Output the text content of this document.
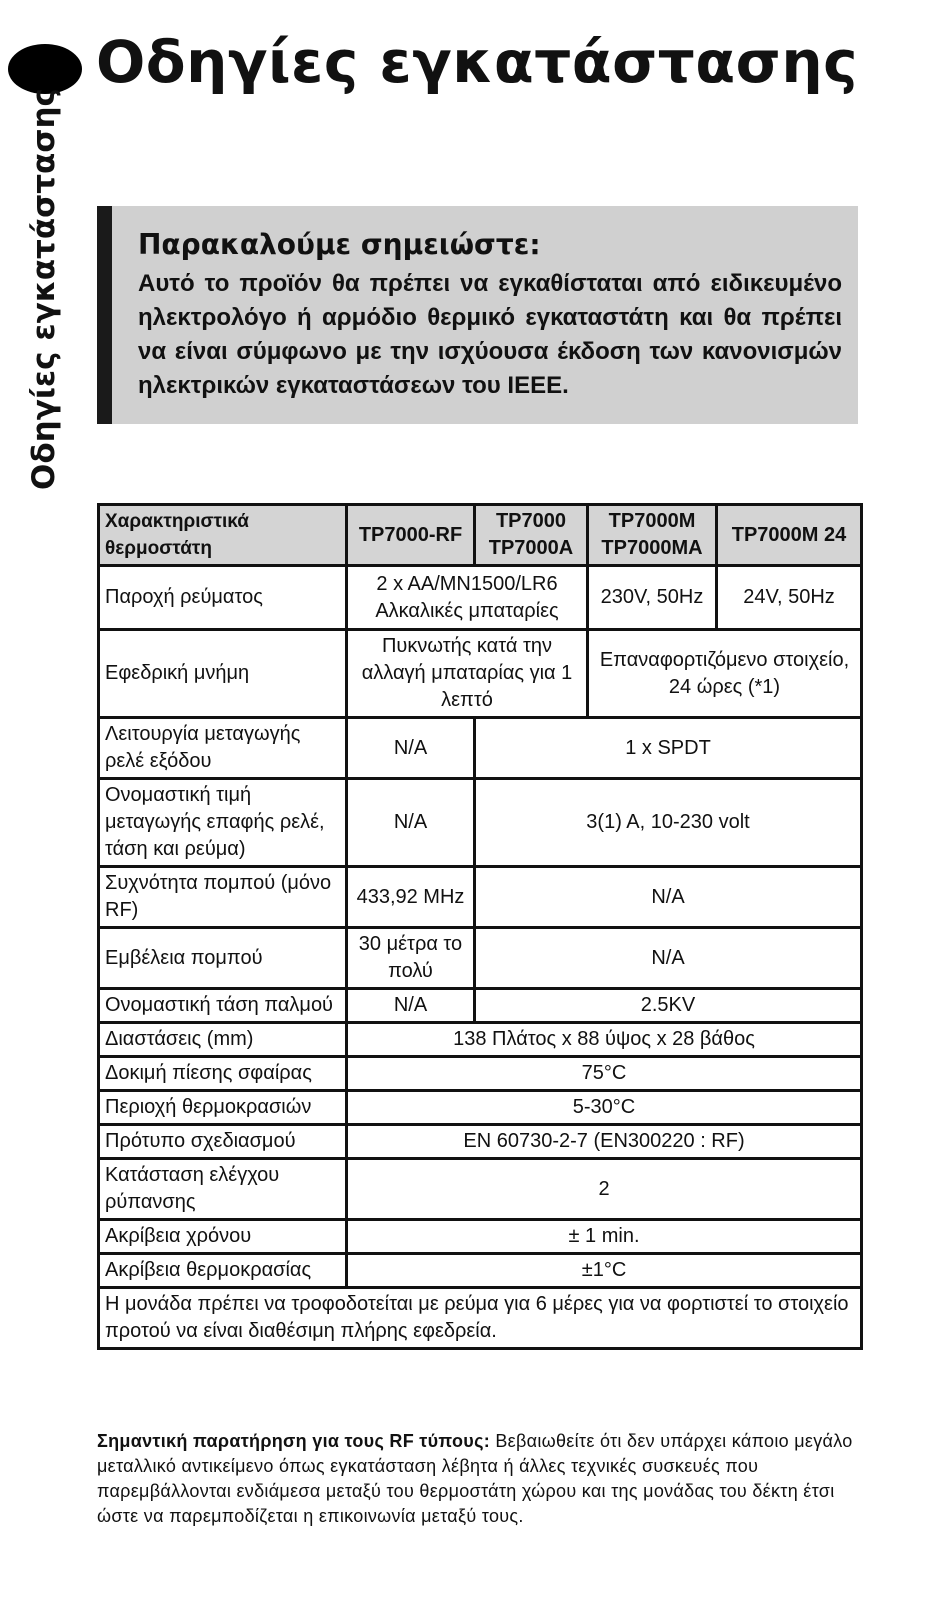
Οδηγίες εγκατάστασης
Οδηγίες εγκατάστασης	Παρακαλούμε σημειώστε:

Αυτό το προϊόν θα πρέπει να εγκαθίσταται από ειδικευμένο ηλεκτρολόγο ή αρμόδιο θερμικό εγκαταστάτη και θα πρέπει να είναι σύμφωνο με την ισχύουσα έκδοση των κανονισμών ηλεκτρικών εγκαταστάσεων του IEEE.

Χαρακτηριστικά θερμοστάτη	TP7000-RF	TP7000 TP7000A	TP7000M TP7000MA	TP7000M 24
Παροχή ρεύματος	2 x AA/MN1500/LR6 Αλκαλικές μπαταρίες		230V, 50Hz	24V, 50Hz
Εφεδρική μνήμη	Πυκνωτής κατά την αλλαγή μπαταρίας για 1 λεπτό		Επαναφορτιζόμενο στοιχείο, 24 ώρες (*1)	
Λειτουργία μεταγωγής ρελέ εξόδου	N/A	1 x SPDT		
Ονομαστική τιμή μεταγωγής επαφής ρελέ, τάση και ρεύμα)	N/A	3(1) A, 10-230 volt		
Συχνότητα πομπού (μόνο RF)	433,92 MHz	N/A		
Εμβέλεια πομπού	30 μέτρα το πολύ	N/A		
Ονομαστική τάση παλμού	N/A	2.5KV		
Διαστάσεις (mm)	138 Πλάτος x 88 ύψος x 28 βάθος			
Δοκιμή πίεσης σφαίρας	75°C			
Περιοχή θερμοκρασιών	5-30°C			
Πρότυπο σχεδιασμού	EN 60730-2-7 (EN300220 : RF)			
Κατάσταση ελέγχου ρύπανσης	2			
Ακρίβεια χρόνου	± 1 min.			
Ακρίβεια θερμοκρασίας	±1°C			
Η μονάδα πρέπει να τροφοδοτείται με ρεύμα για 6 μέρες για να φορτιστεί το στοιχείο προτού να είναι διαθέσιμη πλήρης εφεδρεία.				

Σημαντική παρατήρηση για τους RF τύπους: Βεβαιωθείτε ότι δεν υπάρχει κάποιο μεγάλο μεταλλικό αντικείμενο όπως εγκατάσταση λέβητα ή άλλες τεχνικές συσκευές που παρεμβάλλονται ενδιάμεσα μεταξύ του θερμοστάτη χώρου και της μονάδας του δέκτη έτσι ώστε να παρεμποδίζεται η επικοινωνία μεταξύ τους.
